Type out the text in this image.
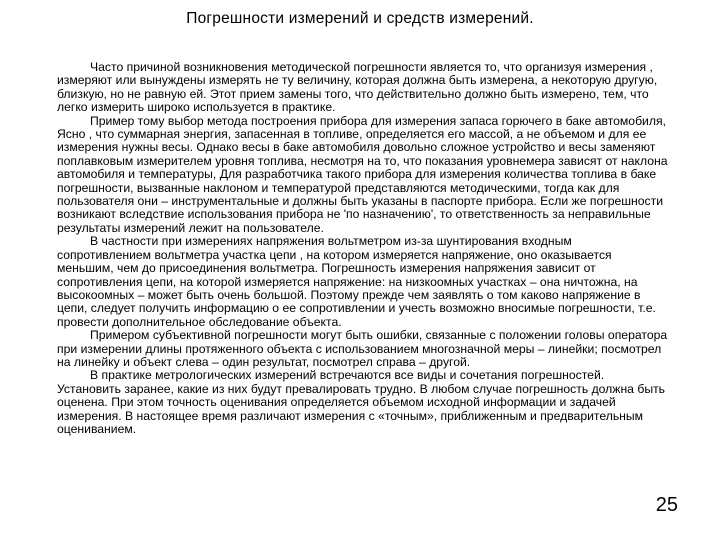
Погрешности измерений и средств измерений.

Часто причиной возникновения методической погрешности является то, что организуя измерения , измеряют или вынуждены измерять не ту величину, которая должна быть измерена, а некоторую другую, близкую, но не равную ей. Этот прием замены того, что действительно должно быть измерено, тем, что легко измерить широко используется в практике.

Пример тому выбор метода построения прибора для измерения запаса горючего в баке автомобиля, Ясно , что суммарная энергия, запасенная в топливе, определяется его массой, а не объемом и для ее измерения нужны весы. Однако весы в баке автомобиля довольно сложное устройство и весы заменяют поплавковым измерителем уровня топлива, несмотря на то, что показания уровнемера зависят от наклона автомобиля и температуры, Для разработчика такого прибора для измерения количества топлива в баке погрешности, вызванные наклоном и температурой представляются методическими, тогда как для пользователя они – инструментальные и должны быть указаны в паспорте прибора. Если же погрешности возникают вследствие использования прибора не 'по назначению', то ответственность за неправильные результаты измерений лежит на пользователе.

В частности при измерениях напряжения вольтметром из-за шунтирования входным сопротивлением вольтметра участка цепи , на котором измеряется напряжение, оно оказывается меньшим, чем до присоединения вольтметра. Погрешность измерения напряжения зависит от сопротивления цепи, на которой измеряется напряжение: на низкоомных участках – она ничтожна, на высокоомных – может быть очень большой. Поэтому прежде чем заявлять о том каково напряжение в цепи, следует получить информацию о ее сопротивлении и учесть возможно вносимые погрешности, т.е. провести дополнительное обследование объекта.

Примером субъективной погрешности могут быть ошибки, связанные с положении головы оператора при измерении длины протяженного объекта с использованием многозначной меры – линейки; посмотрел на линейку и объект слева – один результат, посмотрел справа – другой.

В практике метрологических измерений встречаются все виды и сочетания погрешностей. Установить заранее, какие из них будут превалировать трудно. В любом случае погрешность должна быть оценена. При этом точность оценивания определяется объемом исходной информации и задачей измерения. В настоящее время различают измерения с «точным», приближенным и предварительным оцениванием.

25
